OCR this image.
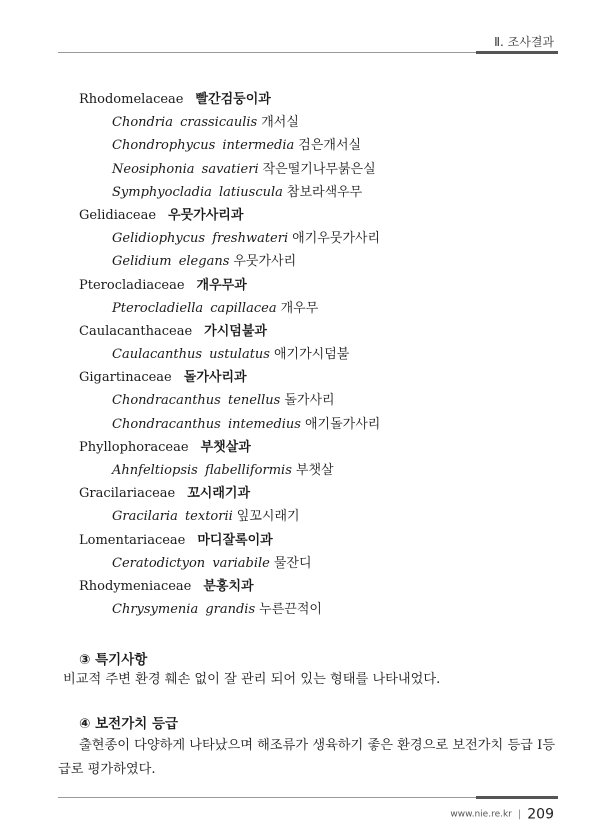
Ⅱ. 조사결과
Rhodomelaceae 빨간검둥이과
Chondria crassicaulis 개서실
Chondrophycus intermedia 검은개서실
Neosiphonia savatieri 작은떨기나무붉은실
Symphyocladia latiuscula 참보라색우무
Gelidiaceae 우뭇가사리과
Gelidiophycus freshwateri 애기우뭇가사리
Gelidium elegans 우뭇가사리
Pterocladiaceae 개우무과
Pterocladiella capillacea 개우무
Caulacanthaceae 가시덤불과
Caulacanthus ustulatus 애기가시덤불
Gigartinaceae 돌가사리과
Chondracanthus tenellus 돌가사리
Chondracanthus intemedius 애기돌가사리
Phyllophoraceae 부챗살과
Ahnfeltiopsis flabelliformis 부챗살
Gracilariaceae 꼬시래기과
Gracilaria textorii 잎꼬시래기
Lomentariaceae 마디잘록이과
Ceratodictyon variabile 물잔디
Rhodymeniaceae 분홍치과
Chrysymenia grandis 누른끈적이
③ 특기사항
비교적 주변 환경 훼손 없이 잘 관리 되어 있는 형태를 나타내었다.
④ 보전가치 등급
출현종이 다양하게 나타났으며 해조류가 생육하기 좋은 환경으로 보전가치 등급 Ⅰ등
급로 평가하였다.
www.nie.re.kr | 209
